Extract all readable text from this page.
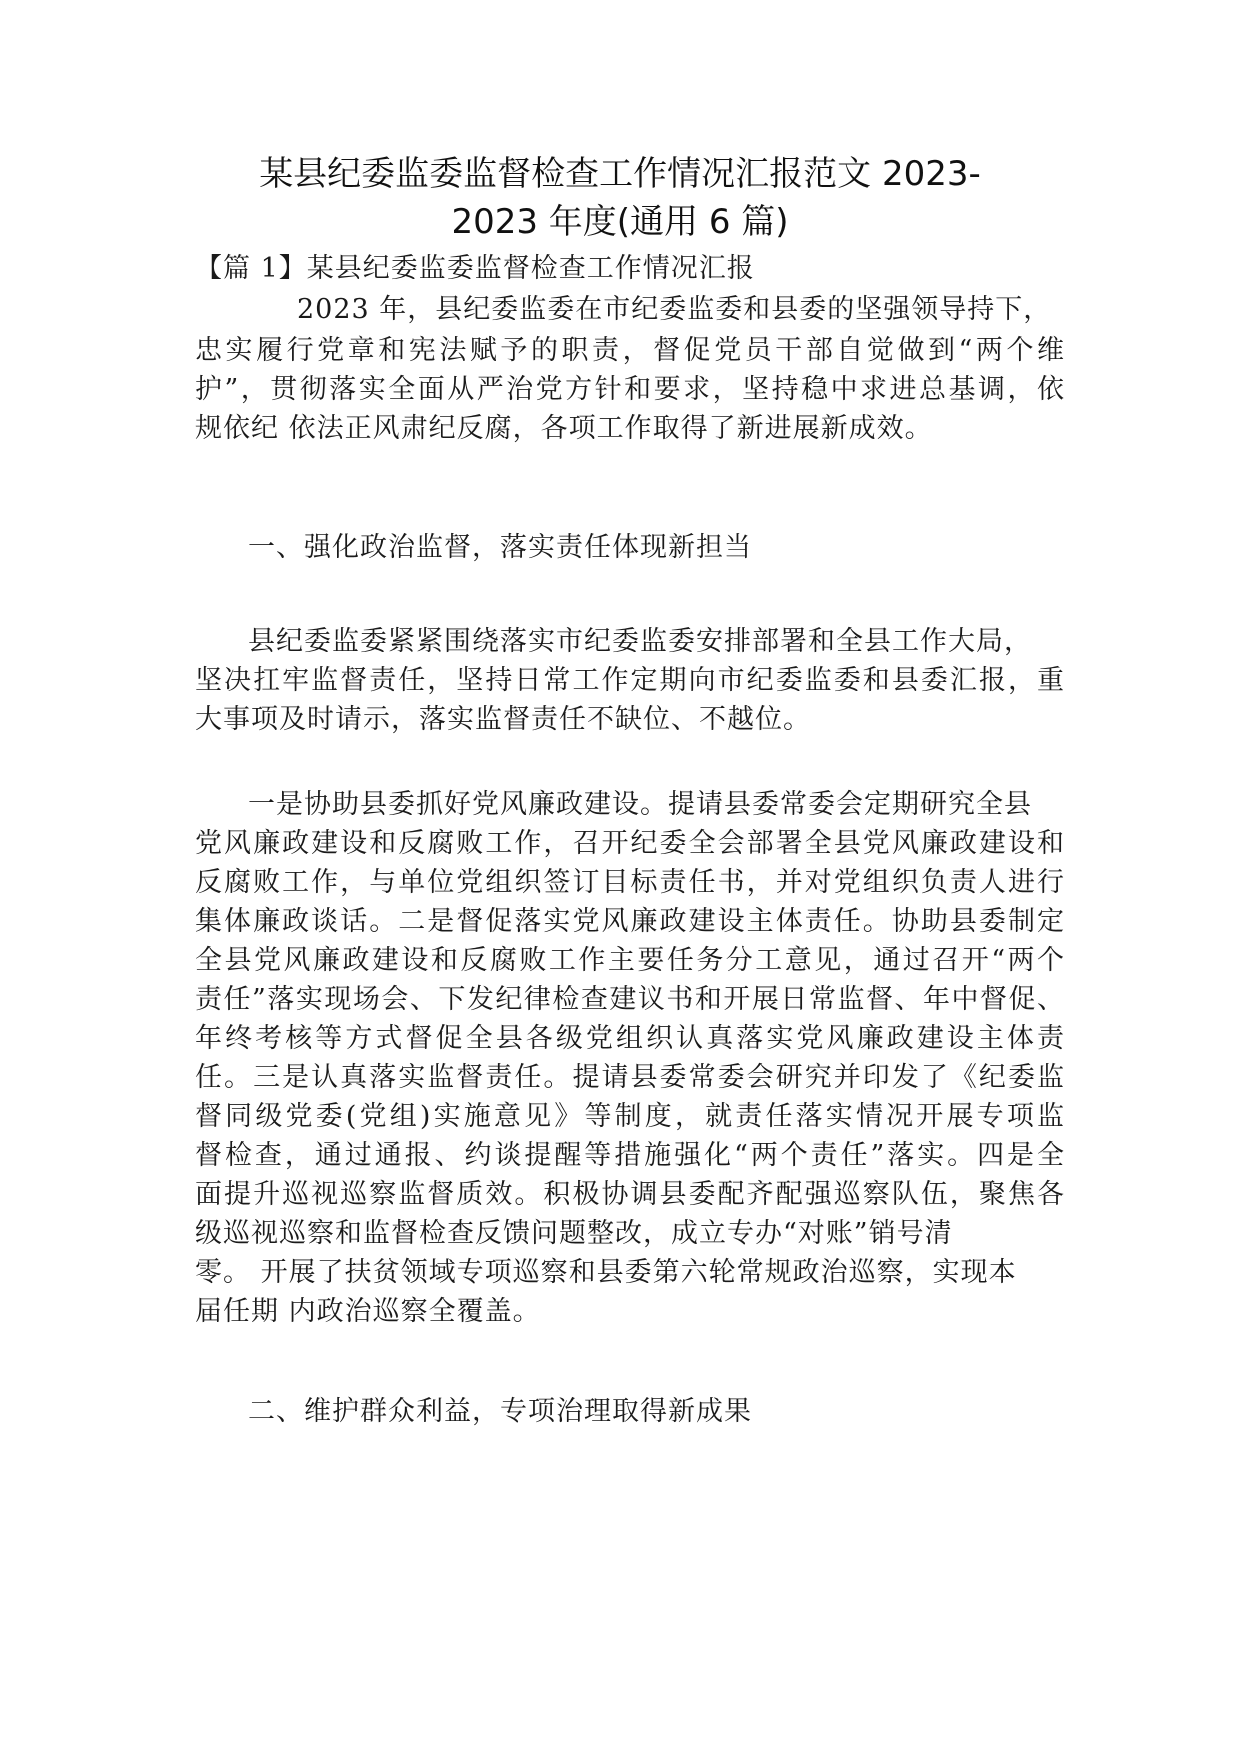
某县纪委监委监督检查工作情况汇报范文 2023-
2023 年度(通用 6 篇)
【篇 1】某县纪委监委监督检查工作情况汇报
2023 年，县纪委监委在市纪委监委和县委的坚强领导持下，
忠实履行党章和宪法赋予的职责，督促党员干部自觉做到“两个维
护”，贯彻落实全面从严治党方针和要求，坚持稳中求进总基调，依
规依纪 依法正风肃纪反腐，各项工作取得了新进展新成效。
一、强化政治监督，落实责任体现新担当
县纪委监委紧紧围绕落实市纪委监委安排部署和全县工作大局，
坚决扛牢监督责任，坚持日常工作定期向市纪委监委和县委汇报，重
大事项及时请示，落实监督责任不缺位、不越位。
一是协助县委抓好党风廉政建设。提请县委常委会定期研究全县
党风廉政建设和反腐败工作，召开纪委全会部署全县党风廉政建设和
反腐败工作，与单位党组织签订目标责任书，并对党组织负责人进行
集体廉政谈话。二是督促落实党风廉政建设主体责任。协助县委制定
全县党风廉政建设和反腐败工作主要任务分工意见，通过召开“两个
责任”落实现场会、下发纪律检查建议书和开展日常监督、年中督促、
年终考核等方式督促全县各级党组织认真落实党风廉政建设主体责
任。三是认真落实监督责任。提请县委常委会研究并印发了《纪委监
督同级党委(党组)实施意见》等制度，就责任落实情况开展专项监
督检查，通过通报、约谈提醒等措施强化“两个责任”落实。四是全
面提升巡视巡察监督质效。积极协调县委配齐配强巡察队伍，聚焦各
级巡视巡察和监督检查反馈问题整改，成立专办“对账”销号清
零。 开展了扶贫领域专项巡察和县委第六轮常规政治巡察，实现本
届任期 内政治巡察全覆盖。
二、维护群众利益，专项治理取得新成果
